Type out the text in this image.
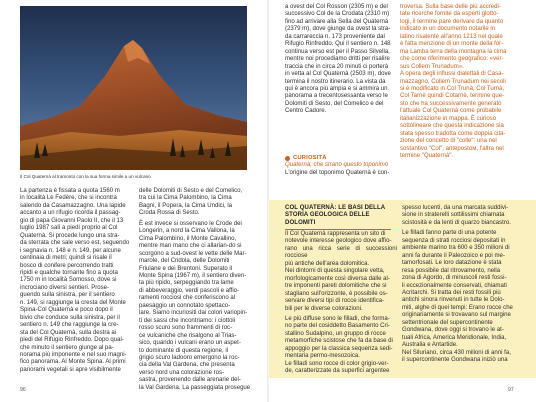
Il Col Quaternà al tramonto con la sua forma simile a un vulcano

La partenza è fissata a quota 1560 m

in località Le Fedère, che si incontra

salendo da Casamazzagno. Una lapide

accanto a un rifugio ricorda il passag-

gio di papa Giovanni Paolo II, che il 13

luglio 1987 salì a piedi proprio al Col

Quaternà. Si procede lungo una stra-

da sterrata che sale verso est, seguendo

i segnavia n. 148 e n. 149, per alcune

centinaia di metri; quindi si risale il

bosco di conifere percorrendo tratti

ripidi e qualche tornante fino a quota

1750 m in località Somosso, dove si

incrociano diversi sentieri. Prose-

guendo sulla sinistra, per il sentiero

n. 149, si raggiunge la cresta del Monte

Spina-Col Quaternà e poco dopo il

bivio che conduce sulla sinistra, per il

sentiero n. 149 che raggiunge la cre-

sta del Col Quaternà, sulla destra ai

piedi del Rifugio Rinfreddo. Dopo qual-

che minuto il sentiero giunge al pa-

norama più imponente e nel suo magni-

fico panorama. Al Monte Spina. Al primi

panorami vegetali si apre visibilmente

delle Dolomiti di Sesto e del Comelico,

tra cui la Cima Palombino, la Cima

Bagni, il Popera, la Cima Undici, la

Croda Rossa di Sesto.

È est invece si osservano le Crode dei

Longerin, a nord la Cima Vallona, la

Cima Palombino, il Monte Cavallino,

mentre man mano che ci allarian-do si

scorgono a sud-ovest le vette delle Mar-

marole, del Cridola, delle Dolomiti

Friulane e dei Brentoni. Superato il

Monte Spina (1967 m), il sentiero diven-

ta più ripido, serpeggiando tra lame

di abbeveraggio, verdi pascoli e affio-

ramenti rocciosi che conferiscono al

paesaggio un connotato spettaco-

lare. Siamo incuriositi dai colori variopin-

ti dei sassi che incontriamo: i ciottoli

rosso scuro sono frammenti di roc-

ce vulcaniche che risalgono al Trias-

sico, quando i vulcani erano un aspet-

to dominante di questa regione, il

grigio scuro ladooro emergono la roc-

cia della Val Gardena, che presenta

verso nord una colorazione ros-

sastra, provenendo dalle arenarie del-

la Val Gardena. La passeggiata prosegue

96

a ovest del Col Rosson (2305 m) e del

successivo Col de la Crodata (2310 m)

fino ad arrivare alla Sella del Quaternà

(2379 m), dove giunge da ovest la stra-

da carrareccia n. 173 proveniente dal

Rifugio Rinfreddo. Qui il sentiero n. 148

continua verso est per il Passo Silvella,

mentre noi procediamo dritti per risalire

traccia che in circa 20 minuti ci porterà

in vetta al Col Quaternà (2503 m), dove

termina il nostro itinerario. La vista da

qui è ancora più ampia e si ammira un

panorama a trecentosessanta verso le

Dolomiti di Sesto, del Comelico e del

Centro Cadore.

troversa. Sulla base delle più accredi-

tate ricerche fornite da esperti glotto-

logi, il termine pare derivare da quanto

indicato in un documento notarile in

latino risalente all'anno 1213 nel quale

è fatta menzione di un monte della for-

ma Lamba terra della montagna la cima

che come riferimento geografico: «ver-

sus Collem Trunadum».

A opera degli influssi dialettali di Casa-

mazzagno, Collem Trunadum nei secoli

si è modificato in Col Trunà, Col Turnà,

Col Tarnè quindi Cotarnè, termine que-

sto che ha successivamente generato

l'attuale Col Quaternà come probabile

italianizzazione in mappa. È curioso

sottolineare che questa indicazione sia

stata spesso tradotta come doppia cita-

zione del concetto di "colle": una nel

sostantivo "Col", antepostoм, l'altra nel

termine "Quaternà".

CURIOSITÀ
Quaternà, che strano questo toponimo
L'origine del toponimo Quaternà è con-
COL QUATERNÀ: LE BASI DELLA STORIA GEOLOGICA DELLE DOLOMITI

Il Col Quaternà rappresenta un sito di

notevole interesse geologico dove affio-

rano una ricca serie di successioni rocciose

più antiche dell'area dolomitica.

Nei dintorni di questa singolare vetta,

morfologicamente così diversa dalle al-

tre imponenti pareti dolomitiche che si

stagliano sull'orizzonte, è possibile os-

servare diversi tipi di rocce identifica-

bili per le diverse colorazioni.

Le più diffuse sono le filladi, che forma-

no parte del cosiddetto Basamento Cri-

stallino Sudalpino, un gruppo di rocce

metamorfiche scistose che fa da base di

appoggio per la classica sequenza sedi-

mentaria permo-mesozoica.

Le filladi sono rocce di color grigio-ver-

de, caratterizzate da superfici argentee

spesso lucenti, da una marcata suddivi-

sione in straterelli sottilissimi chiamata

scistosità e da lenti di quarzo biancastro.

Le filladi fanno parte di una potente

sequenza di strati rocciosi depositati in

ambiente marino tra 600 e 350 milioni di

anni fa durante il Paleozoico e poi me-

tamorfosati. Le loro datazione è stata

resa possibile dal ritrovamento, nella

zona di Agordo, di minuscoli resti fossi-

li eccezionalmente conservati, chiamati

Acritarchi. Si tratta dei resti fossili più

antichi sinora rinvenuti in tutte le Dolo-

miti, alghe di quei tempi: Erano rocce che

originariamente si trovavano sul margine

settentrionale del supercontinente

Gondwana, dove oggi si trovano le at-

tuali Africa, America Meridionale, India,

Australia e Antartide.

Nel Siluriano, circa 430 milioni di anni fa,

il supercontinente Gondwana iniziò una

97
